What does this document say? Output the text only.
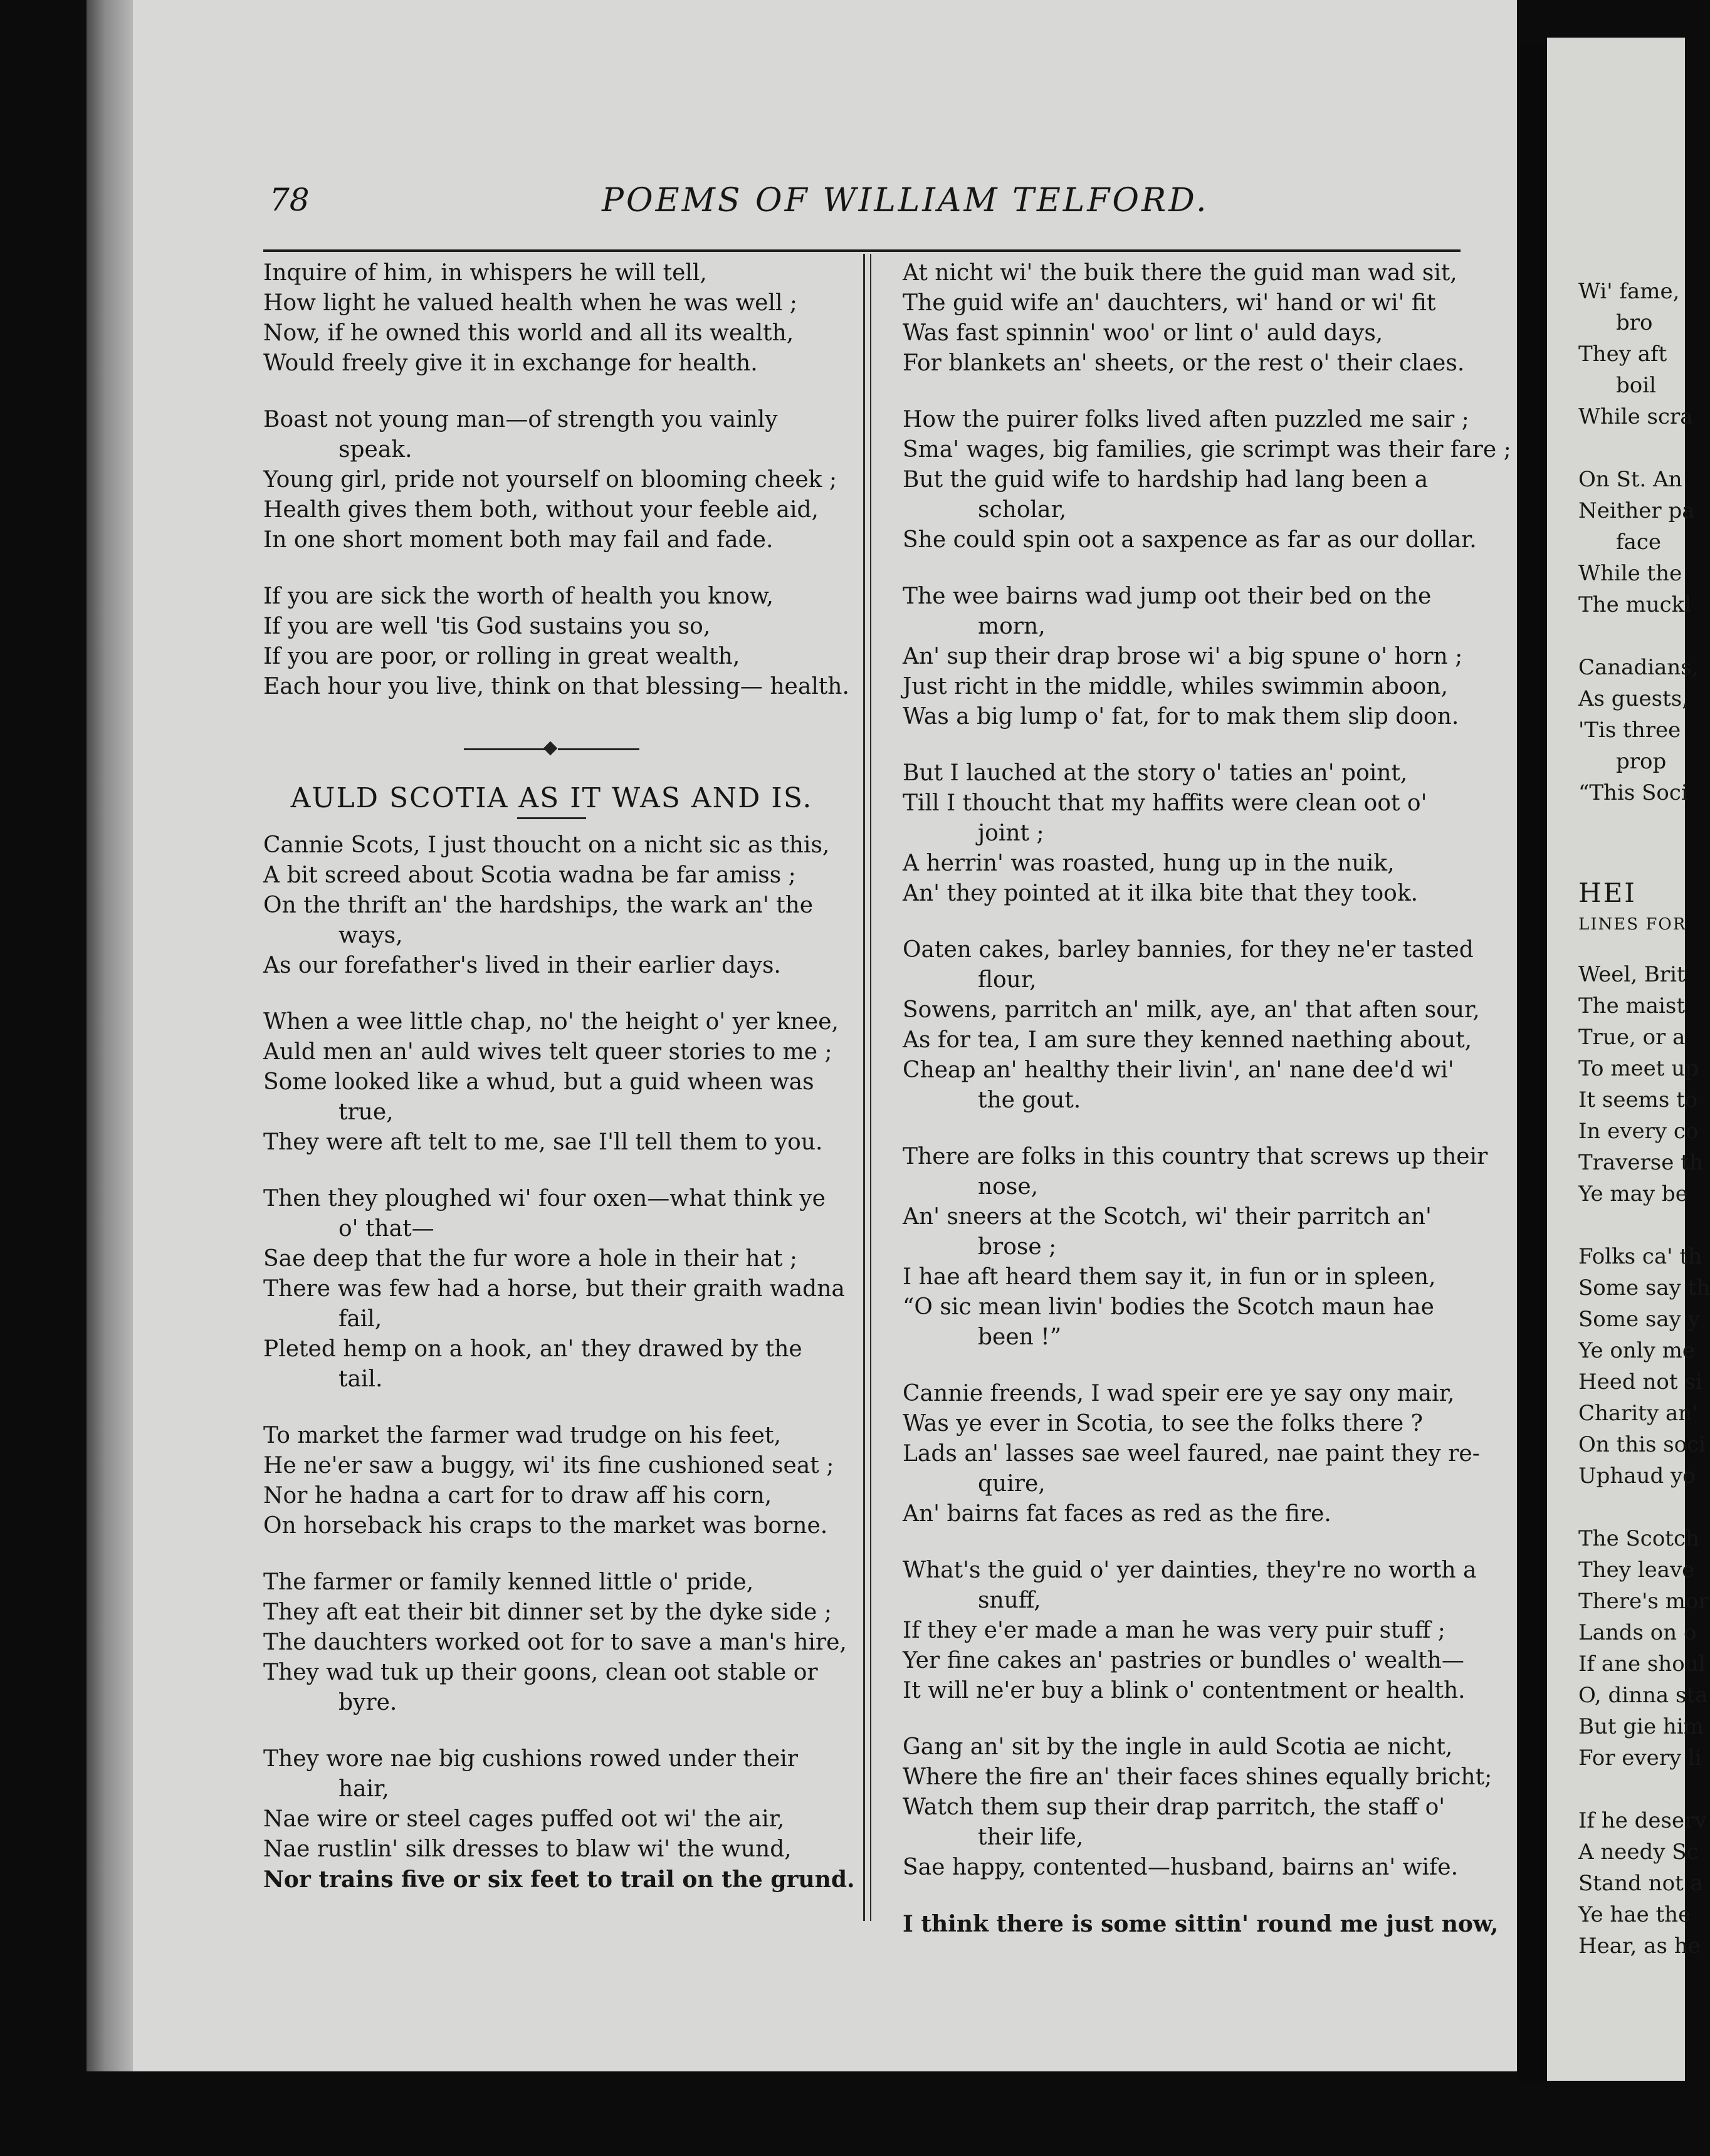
78	POEMS OF WILLIAM TELFORD.
Inquire of him, in whispers he will tell,
How light he valued health when he was well ;
Now, if he owned this world and all its wealth,
Would freely give it in exchange for health.
Boast not young man—of strength you vainly
speak.
Young girl, pride not yourself on blooming cheek ;
Health gives them both, without your feeble aid,
In one short moment both may fail and fade.
If you are sick the worth of health you know,
If you are well 'tis God sustains you so,
If you are poor, or rolling in great wealth,
Each hour you live, think on that blessing— health.
AULD SCOTIA AS IT WAS AND IS.
Cannie Scots, I just thoucht on a nicht sic as this,
A bit screed about Scotia wadna be far amiss ;
On the thrift an' the hardships, the wark an' the
ways,
As our forefather's lived in their earlier days.
When a wee little chap, no' the height o' yer knee,
Auld men an' auld wives telt queer stories to me ;
Some looked like a whud, but a guid wheen was
true,
They were aft telt to me, sae I'll tell them to you.
Then they ploughed wi' four oxen—what think ye
o' that—
Sae deep that the fur wore a hole in their hat ;
There was few had a horse, but their graith wadna
fail,
Pleted hemp on a hook, an' they drawed by the
tail.
To market the farmer wad trudge on his feet,
He ne'er saw a buggy, wi' its fine cushioned seat ;
Nor he hadna a cart for to draw aff his corn,
On horseback his craps to the market was borne.
The farmer or family kenned little o' pride,
They aft eat their bit dinner set by the dyke side ;
The dauchters worked oot for to save a man's hire,
They wad tuk up their goons, clean oot stable or
byre.
They wore nae big cushions rowed under their
hair,
Nae wire or steel cages puffed oot wi' the air,
Nae rustlin' silk dresses to blaw wi' the wund,
Nor trains five or six feet to trail on the grund.
At nicht wi' the buik there the guid man wad sit,
The guid wife an' dauchters, wi' hand or wi' fit
Was fast spinnin' woo' or lint o' auld days,
For blankets an' sheets, or the rest o' their claes.
How the puirer folks lived aften puzzled me sair ;
Sma' wages, big families, gie scrimpt was their fare ;
But the guid wife to hardship had lang been a
scholar,
She could spin oot a saxpence as far as our dollar.
The wee bairns wad jump oot their bed on the
morn,
An' sup their drap brose wi' a big spune o' horn ;
Just richt in the middle, whiles swimmin aboon,
Was a big lump o' fat, for to mak them slip doon.
But I lauched at the story o' taties an' point,
Till I thoucht that my haffits were clean oot o'
joint ;
A herrin' was roasted, hung up in the nuik,
An' they pointed at it ilka bite that they took.
Oaten cakes, barley bannies, for they ne'er tasted
flour,
Sowens, parritch an' milk, aye, an' that aften sour,
As for tea, I am sure they kenned naething about,
Cheap an' healthy their livin', an' nane dee'd wi'
the gout.
There are folks in this country that screws up their
nose,
An' sneers at the Scotch, wi' their parritch an'
brose ;
I hae aft heard them say it, in fun or in spleen,
“O sic mean livin' bodies the Scotch maun hae
been !”
Cannie freends, I wad speir ere ye say ony mair,
Was ye ever in Scotia, to see the folks there ?
Lads an' lasses sae weel faured, nae paint they re-
quire,
An' bairns fat faces as red as the fire.
What's the guid o' yer dainties, they're no worth a
snuff,
If they e'er made a man he was very puir stuff ;
Yer fine cakes an' pastries or bundles o' wealth—
It will ne'er buy a blink o' contentment or health.
Gang an' sit by the ingle in auld Scotia ae nicht,
Where the fire an' their faces shines equally bricht;
Watch them sup their drap parritch, the staff o'
their life,
Sae happy, contented—husband, bairns an' wife.
I think there is some sittin' round me just now,
Wi' fame,
bro
They aft
boil
While scra

On St. An
Neither pa
face
While the
The muckl

Canadians,
As guests,
'Tis three
prop
“This Soci
HEI
LINES FOR
Weel, Brit
The maist
True, or a
To meet up
It seems to
In every co
Traverse th
Ye may be

Folks ca' th
Some say th
Some say y
Ye only me
Heed not si
Charity an'
On this soci
Uphaud yo

The Scotch
They leave
There's mor
Lands on o
If ane shoul
O, dinna sta
But gie him
For every li

If he deserv
A needy Sc
Stand not a
Ye hae the
Hear, as he
